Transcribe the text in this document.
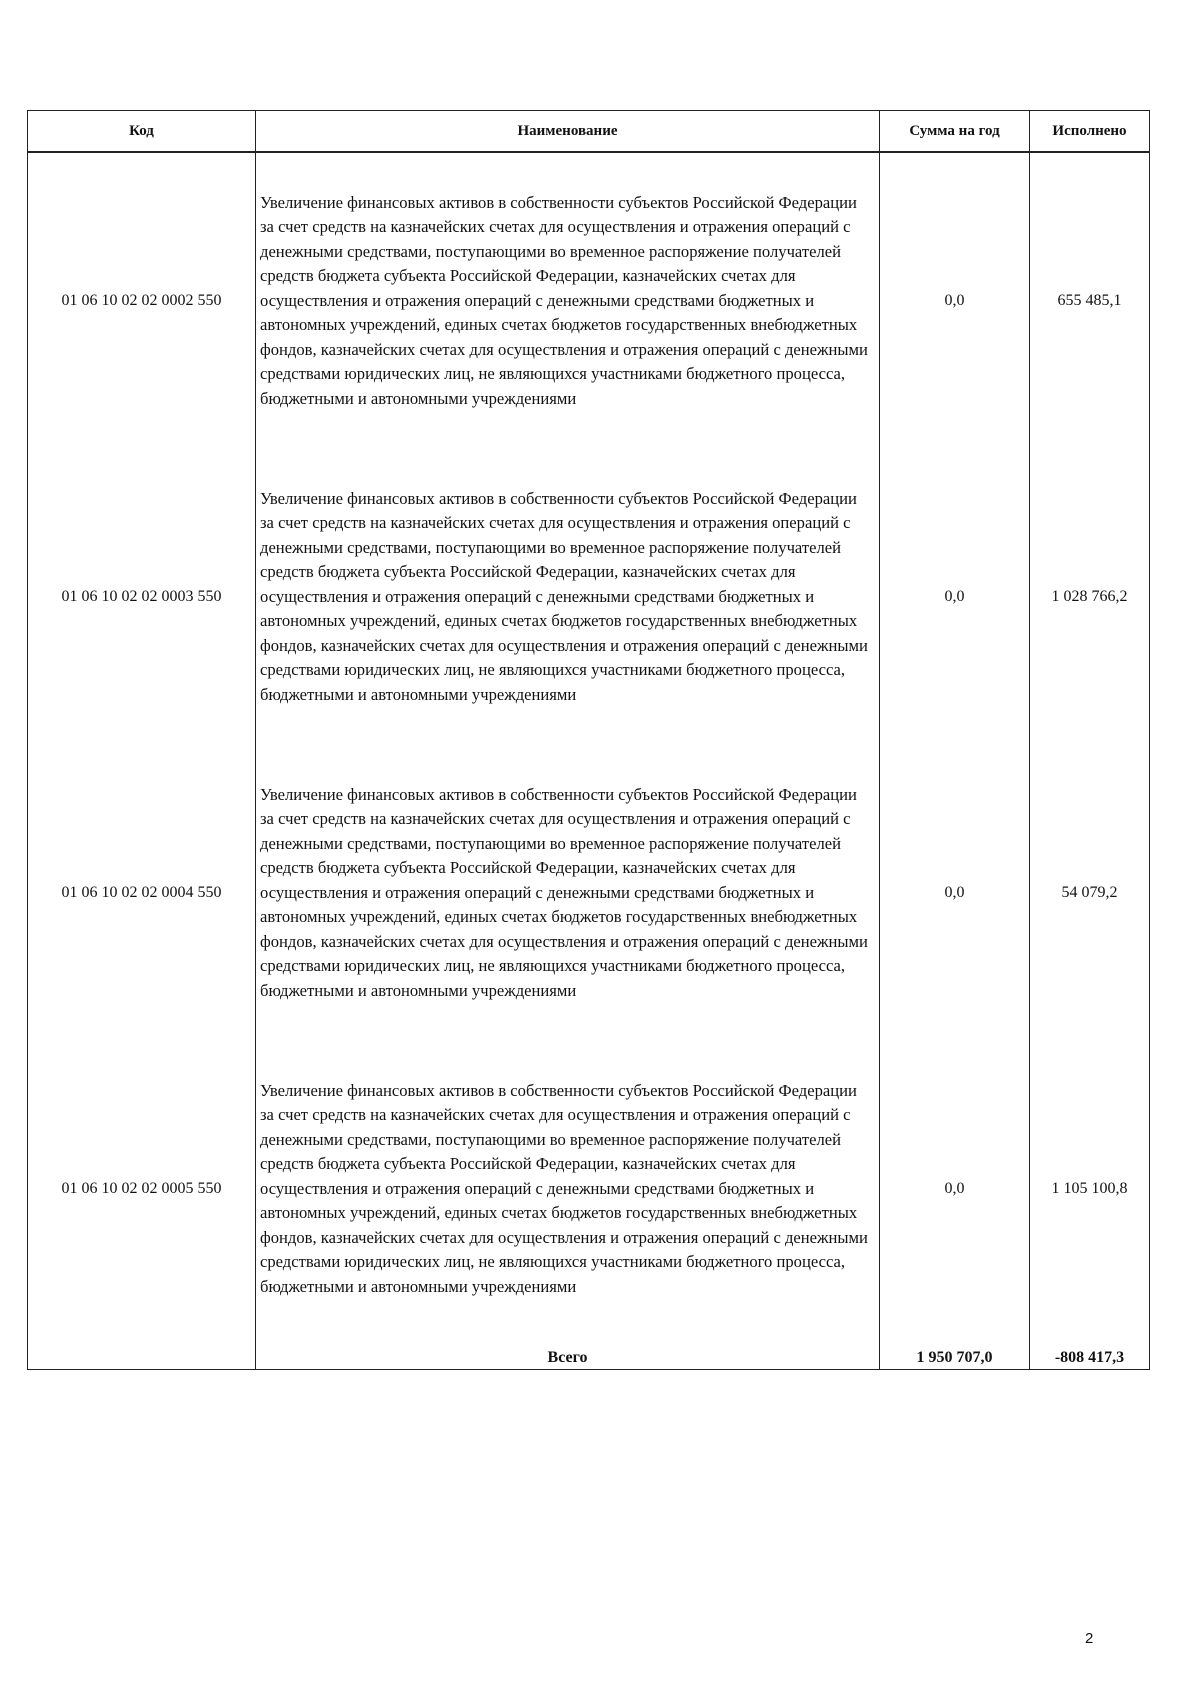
Код	Наименование	Сумма на год	Исполнено
01 06 10 02 02 0002 550	Увеличение финансовых активов в собственности субъектов Российской Федерации за счет средств на казначейских счетах для осуществления и отражения операций с денежными средствами, поступающими во временное распоряжение получателей средств бюджета субъекта Российской Федерации, казначейских счетах для осуществления и отражения операций с денежными средствами бюджетных и автономных учреждений, единых счетах бюджетов государственных внебюджетных фондов, казначейских счетах для осуществления и отражения операций с денежными средствами юридических лиц, не являющихся участниками бюджетного процесса, бюджетными и автономными учреждениями	0,0	655 485,1
01 06 10 02 02 0003 550	Увеличение финансовых активов в собственности субъектов Российской Федерации за счет средств на казначейских счетах для осуществления и отражения операций с денежными средствами, поступающими во временное распоряжение получателей средств бюджета субъекта Российской Федерации, казначейских счетах для осуществления и отражения операций с денежными средствами бюджетных и автономных учреждений, единых счетах бюджетов государственных внебюджетных фондов, казначейских счетах для осуществления и отражения операций с денежными средствами юридических лиц, не являющихся участниками бюджетного процесса, бюджетными и автономными учреждениями	0,0	1 028 766,2
01 06 10 02 02 0004 550	Увеличение финансовых активов в собственности субъектов Российской Федерации за счет средств на казначейских счетах для осуществления и отражения операций с денежными средствами, поступающими во временное распоряжение получателей средств бюджета субъекта Российской Федерации, казначейских счетах для осуществления и отражения операций с денежными средствами бюджетных и автономных учреждений, единых счетах бюджетов государственных внебюджетных фондов, казначейских счетах для осуществления и отражения операций с денежными средствами юридических лиц, не являющихся участниками бюджетного процесса, бюджетными и автономными учреждениями	0,0	54 079,2
01 06 10 02 02 0005 550	Увеличение финансовых активов в собственности субъектов Российской Федерации за счет средств на казначейских счетах для осуществления и отражения операций с денежными средствами, поступающими во временное распоряжение получателей средств бюджета субъекта Российской Федерации, казначейских счетах для осуществления и отражения операций с денежными средствами бюджетных и автономных учреждений, единых счетах бюджетов государственных внебюджетных фондов, казначейских счетах для осуществления и отражения операций с денежными средствами юридических лиц, не являющихся участниками бюджетного процесса, бюджетными и автономными учреждениями	0,0	1 105 100,8
	Всего	1 950 707,0	-808 417,3
2
